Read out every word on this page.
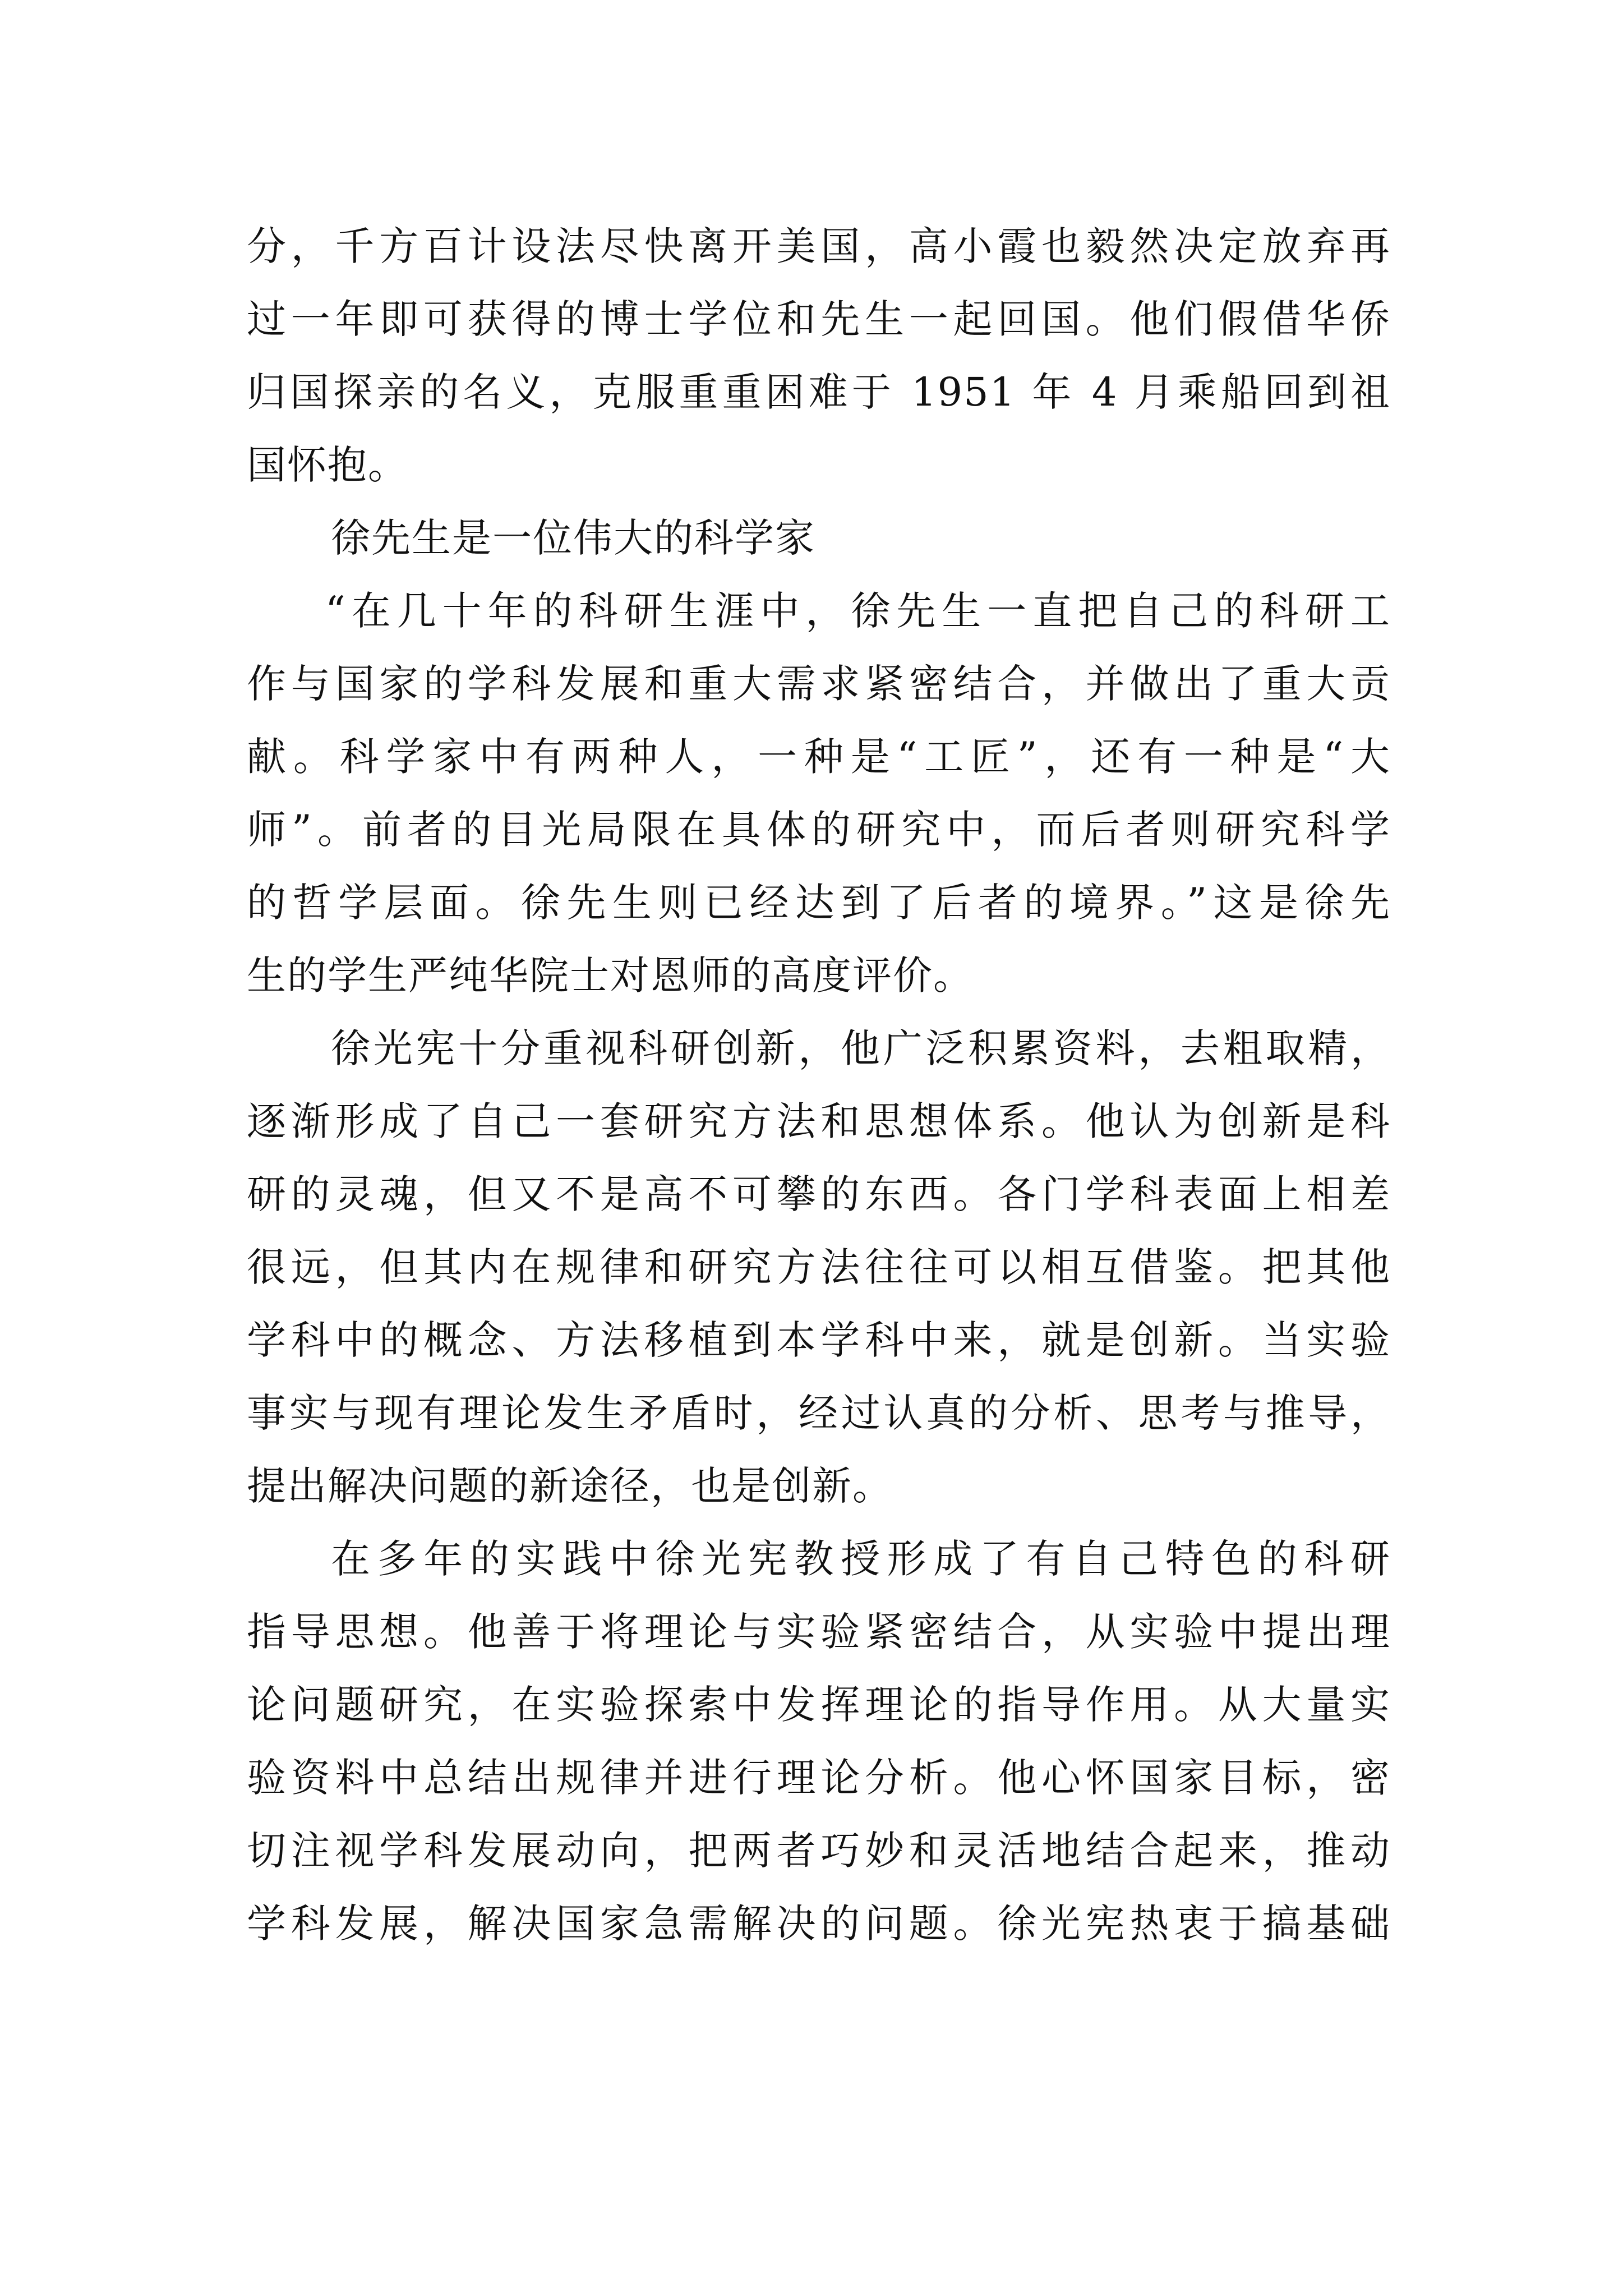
分，千方百计设法尽快离开美国，高小霞也毅然决定放弃再
过一年即可获得的博士学位和先生一起回国。他们假借华侨
归国探亲的名义，克服重重困难于 1951 年 4 月乘船回到祖
国怀抱。
徐先生是一位伟大的科学家
“在几十年的科研生涯中，徐先生一直把自己的科研工
作与国家的学科发展和重大需求紧密结合，并做出了重大贡
献。科学家中有两种人，一种是“工匠”，还有一种是“大
师”。前者的目光局限在具体的研究中，而后者则研究科学
的哲学层面。徐先生则已经达到了后者的境界。”这是徐先
生的学生严纯华院士对恩师的高度评价。
徐光宪十分重视科研创新，他广泛积累资料，去粗取精，
逐渐形成了自己一套研究方法和思想体系。他认为创新是科
研的灵魂，但又不是高不可攀的东西。各门学科表面上相差
很远，但其内在规律和研究方法往往可以相互借鉴。把其他
学科中的概念、方法移植到本学科中来，就是创新。当实验
事实与现有理论发生矛盾时，经过认真的分析、思考与推导，
提出解决问题的新途径，也是创新。
在多年的实践中徐光宪教授形成了有自己特色的科研
指导思想。他善于将理论与实验紧密结合，从实验中提出理
论问题研究，在实验探索中发挥理论的指导作用。从大量实
验资料中总结出规律并进行理论分析。他心怀国家目标，密
切注视学科发展动向，把两者巧妙和灵活地结合起来，推动
学科发展，解决国家急需解决的问题。徐光宪热衷于搞基础
